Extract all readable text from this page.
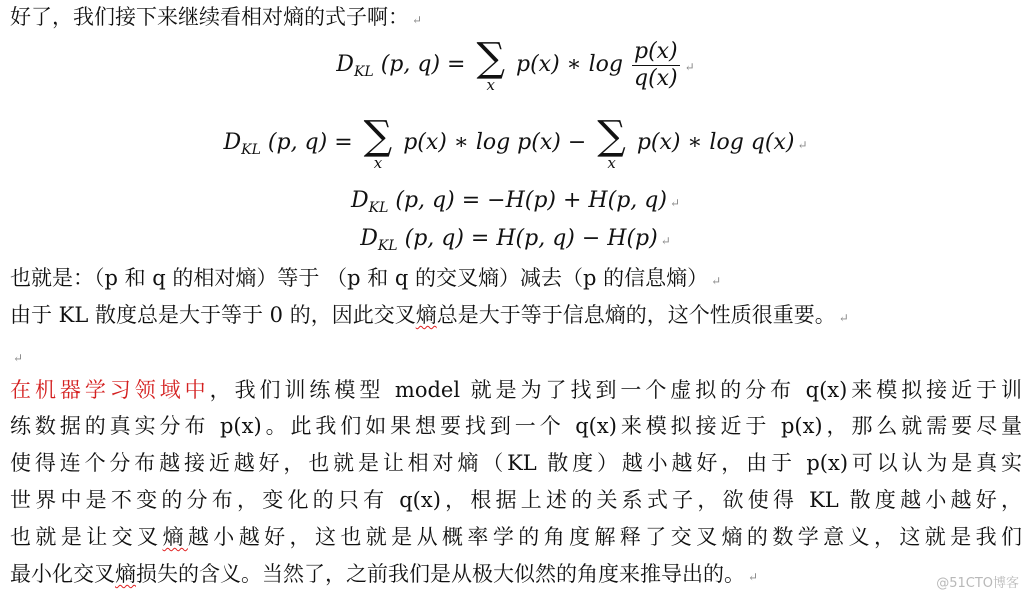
好了，我们接下来继续看相对熵的式子啊： ↵
$D_{KL}$ (p, q) = ∑
x
p(x) ∗ $\log \frac{p(x)}{q(x)}$ ↵
$D_{KL}$ (p, q) = ∑
x
p(x) ∗ log p(x) − ∑
x
p(x) ∗ log q(x) ↵
$D_{KL}$ (p, q) = −H(p) + H(p, q) ↵
$D_{KL}$ (p, q) = H(p, q) − H(p) ↵
也就是：（p 和 q 的相对熵）等于 （p 和 q 的交叉熵）减去（p 的信息熵） ↵
由于 KL 散度总是大于等于 0 的，因此交叉熵总是大于等于信息熵的，这个性质很重要。 ↵
↵
在机器学习领域中，我们训练模型 model 就是为了找到一个虚拟的分布 q(x)来模拟接近于训
练数据的真实分布 p(x)。此我们如果想要找到一个 q(x)来模拟接近于 p(x)，那么就需要尽量
使得连个分布越接近越好，也就是让相对熵（KL 散度）越小越好，由于 p(x)可以认为是真实
世界中是不变的分布，变化的只有 q(x)，根据上述的关系式子，欲使得 KL 散度越小越好，
也就是让交叉熵越小越好，这也就是从概率学的角度解释了交叉熵的数学意义，这就是我们
最小化交叉熵损失的含义。当然了，之前我们是从极大似然的角度来推导出的。 ↵	@51CTO博客
